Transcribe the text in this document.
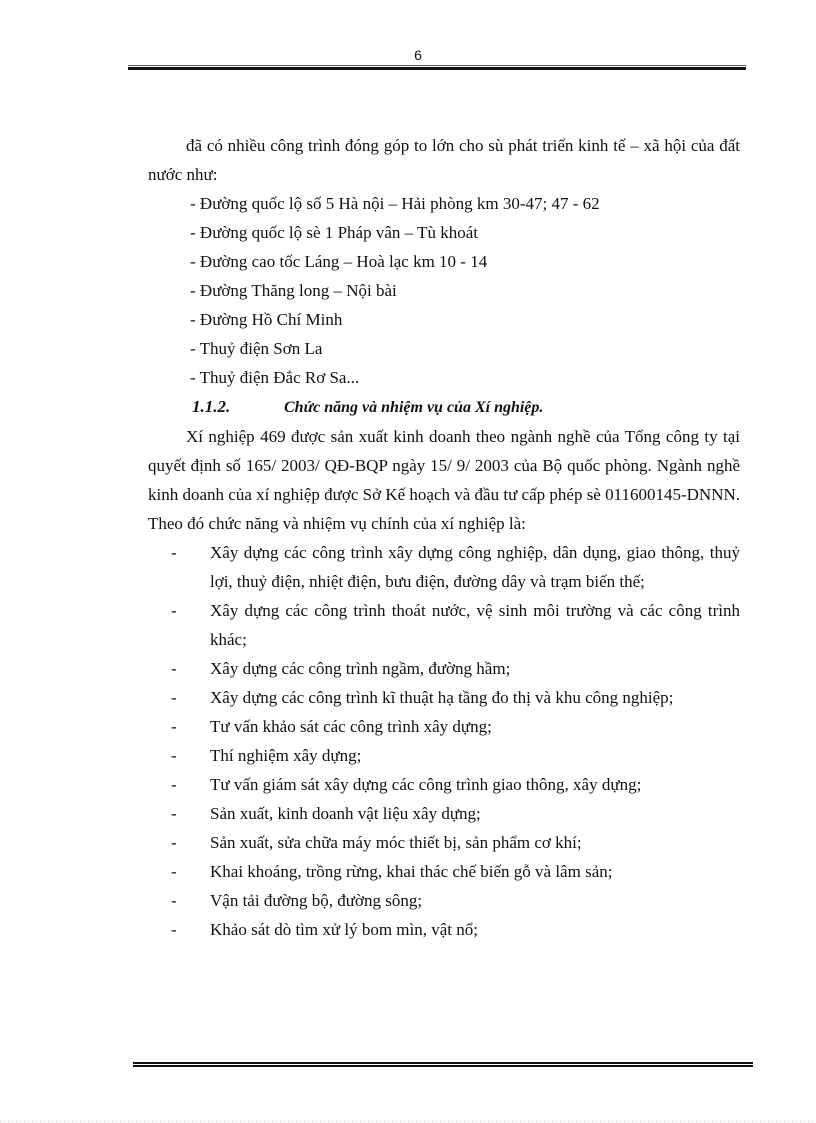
6

đã có nhiều công trình đóng góp to lớn cho sù phát triển kinh tế – xã hội của đất nước như:

- Đường quốc lộ số 5 Hà nội – Hải phòng km 30-47; 47 - 62
- Đường quốc lộ sè 1 Pháp vân – Tù khoát
- Đường cao tốc Láng – Hoà lạc km 10 - 14
- Đường Thăng long – Nội bài
- Đường Hồ Chí Minh
- Thuỷ điện Sơn La
- Thuỷ điện Đắc Rơ Sa...
1.1.2.	Chức năng và nhiệm vụ của Xí nghiệp.

Xí nghiệp 469 được sản xuất kinh doanh theo ngành nghề của Tổng công ty tại quyết định số 165/ 2003/ QĐ-BQP ngày 15/ 9/ 2003 của Bộ quốc phòng. Ngành nghề kinh doanh của xí nghiệp được Sở Kế hoạch và đầu tư cấp phép sè 011600145-DNNN. Theo đó chức năng và nhiệm vụ chính của xí nghiệp là:

- Xây dựng các công trình xây dựng công nghiệp, dân dụng, giao thông, thuỷ lợi, thuỷ điện, nhiệt điện, bưu điện, đường dây và trạm biến thế;
- Xây dựng các công trình thoát nước, vệ sinh môi trường và các công trình khác;
- Xây dựng các công trình ngầm, đường hầm;
- Xây dựng các công trình kĩ thuật hạ tầng đo thị và khu công nghiệp;
- Tư vấn khảo sát các công trình xây dựng;
- Thí nghiệm xây dựng;
- Tư vấn giám sát xây dựng các công trình giao thông, xây dựng;
- Sản xuất, kinh doanh vật liệu xây dựng;
- Sản xuất, sửa chữa máy móc thiết bị, sản phẩm cơ khí;
- Khai khoáng, trồng rừng, khai thác chế biến gỗ và lâm sản;
- Vận tải đường bộ, đường sông;
- Khảo sát dò tìm xử lý bom mìn, vật nổ;
